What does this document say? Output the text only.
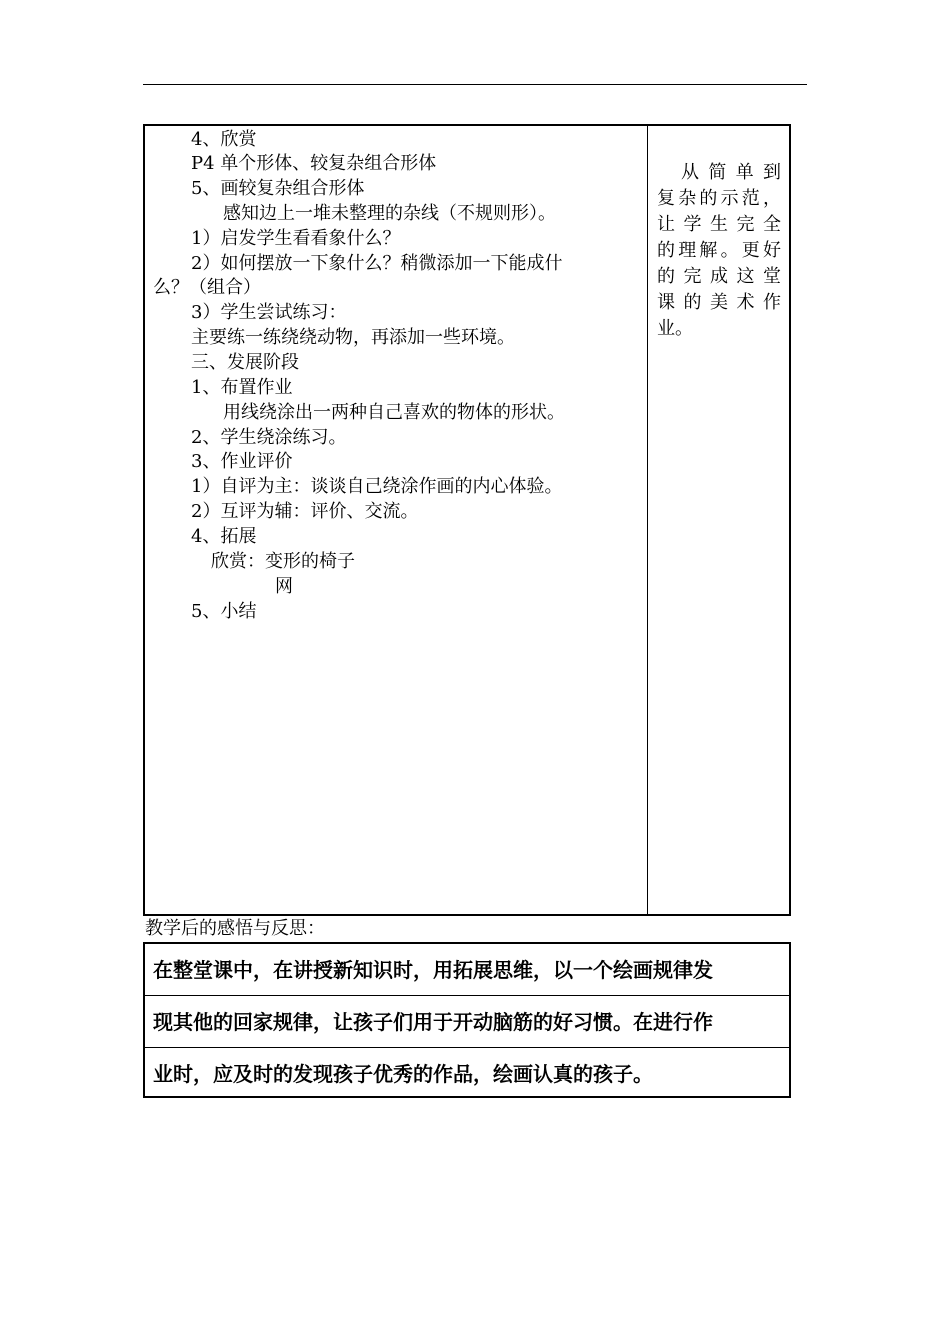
4、欣赏
P4 单个形体、较复杂组合形体
5、画较复杂组合形体
感知边上一堆未整理的杂线（不规则形）。
1）启发学生看看象什么？
2）如何摆放一下象什么？稍微添加一下能成什
么？（组合）
3）学生尝试练习：
主要练一练绕绕动物，再添加一些环境。
三、发展阶段
1、布置作业
用线绕涂出一两种自己喜欢的物体的形状。
2、学生绕涂练习。
3、作业评价
1）自评为主：谈谈自己绕涂作画的内心体验。
2）互评为辅：评价、交流。
4、拓展
欣赏：变形的椅子
网
5、小结
从简单到
复杂的示范，
让学生完全
的理解。更好
的完成这堂
课的美术作
业。
教学后的感悟与反思：
在整堂课中，在讲授新知识时，用拓展思维，以一个绘画规律发
现其他的回家规律，让孩子们用于开动脑筋的好习惯。在进行作
业时，应及时的发现孩子优秀的作品，绘画认真的孩子。
